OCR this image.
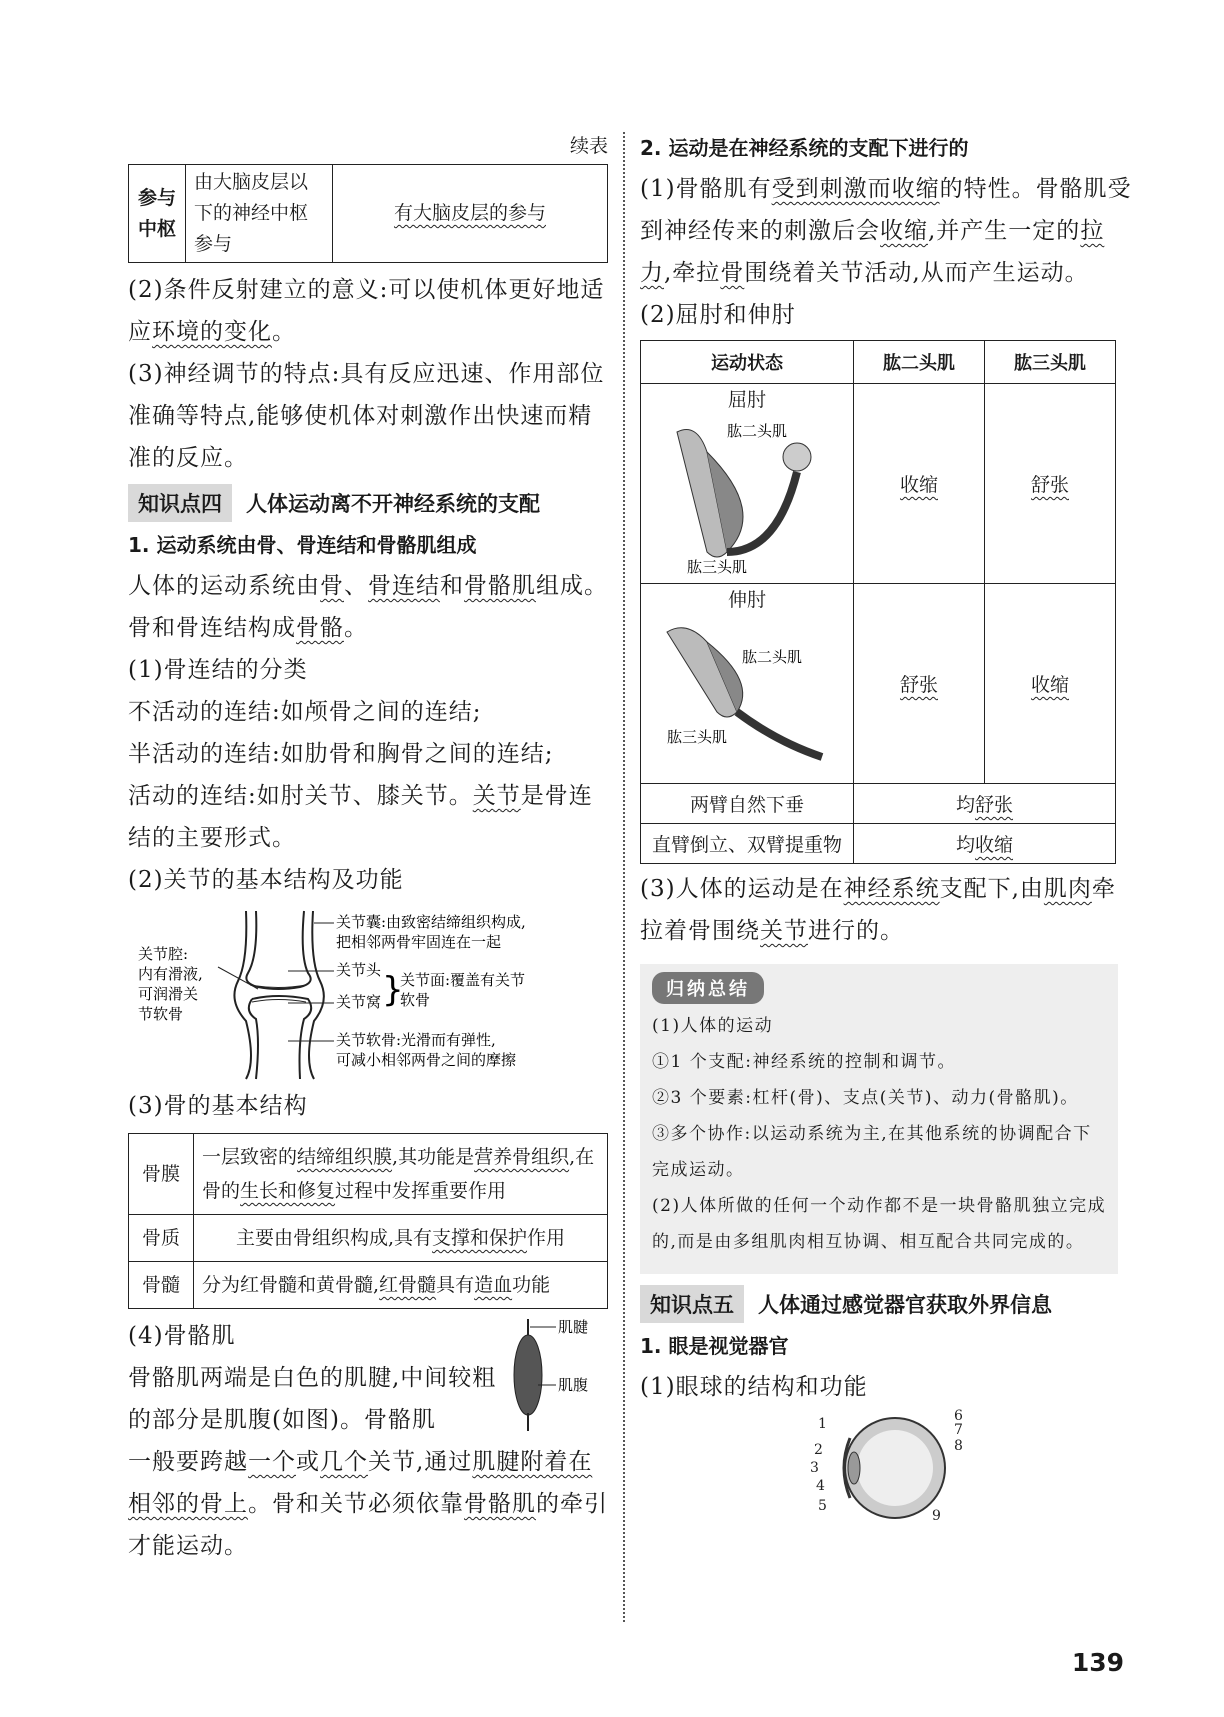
续表
参与
中枢	由大脑皮层以下的神经中枢参与	有大脑皮层的参与
(2)条件反射建立的意义:可以使机体更好地适应环境的变化。
(3)神经调节的特点:具有反应迅速、作用部位准确等特点,能够使机体对刺激作出快速而精准的反应。
知识点四	人体运动离不开神经系统的支配
1. 运动系统由骨、骨连结和骨骼肌组成
人体的运动系统由骨、骨连结和骨骼肌组成。骨和骨连结构成骨骼。
(1)骨连结的分类
不活动的连结:如颅骨之间的连结;
半活动的连结:如肋骨和胸骨之间的连结;
活动的连结:如肘关节、膝关节。关节是骨连结的主要形式。
(2)关节的基本结构及功能
关节囊:由致密结缔组织构成,
把相邻两骨牢固连在一起
关节腔:
内有滑液,
可润滑关
节软骨
关节头
关节窝 }
关节面:覆盖有关节
软骨
关节软骨:光滑而有弹性,
可减小相邻两骨之间的摩擦
(3)骨的基本结构
骨膜	一层致密的结缔组织膜,其功能是营养骨组织,在骨的生长和修复过程中发挥重要作用
骨质	主要由骨组织构成,具有支撑和保护作用
骨髓	分为红骨髓和黄骨髓,红骨髓具有造血功能
肌腱
肌腹
(4)骨骼肌
骨骼肌两端是白色的肌腱,中间较粗的部分是肌腹(如图)。骨骼肌
一般要跨越一个或几个关节,通过肌腱附着在相邻的骨上。骨和关节必须依靠骨骼肌的牵引才能运动。
2. 运动是在神经系统的支配下进行的
(1)骨骼肌有受到刺激而收缩的特性。骨骼肌受到神经传来的刺激后会收缩,并产生一定的拉力,牵拉骨围绕着关节活动,从而产生运动。
(2)屈肘和伸肘
运动状态	肱二头肌	肱三头肌

屈肘
肱二头肌
肱三头肌	收缩	舒张

伸肘
肱二头肌
肱三头肌	舒张	收缩
两臂自然下垂	均舒张	
直臂倒立、双臂提重物	均收缩	
(3)人体的运动是在神经系统支配下,由肌肉牵拉着骨围绕关节进行的。
归纳总结
(1)人体的运动
①1 个支配:神经系统的控制和调节。
②3 个要素:杠杆(骨)、支点(关节)、动力(骨骼肌)。
③多个协作:以运动系统为主,在其他系统的协调配合下完成运动。
(2)人体所做的任何一个动作都不是一块骨骼肌独立完成的,而是由多组肌肉相互协调、相互配合共同完成的。
知识点五	人体通过感觉器官获取外界信息
1. 眼是视觉器官
(1)眼球的结构和功能
1
2
3
4
5
6
7
8
9
139
